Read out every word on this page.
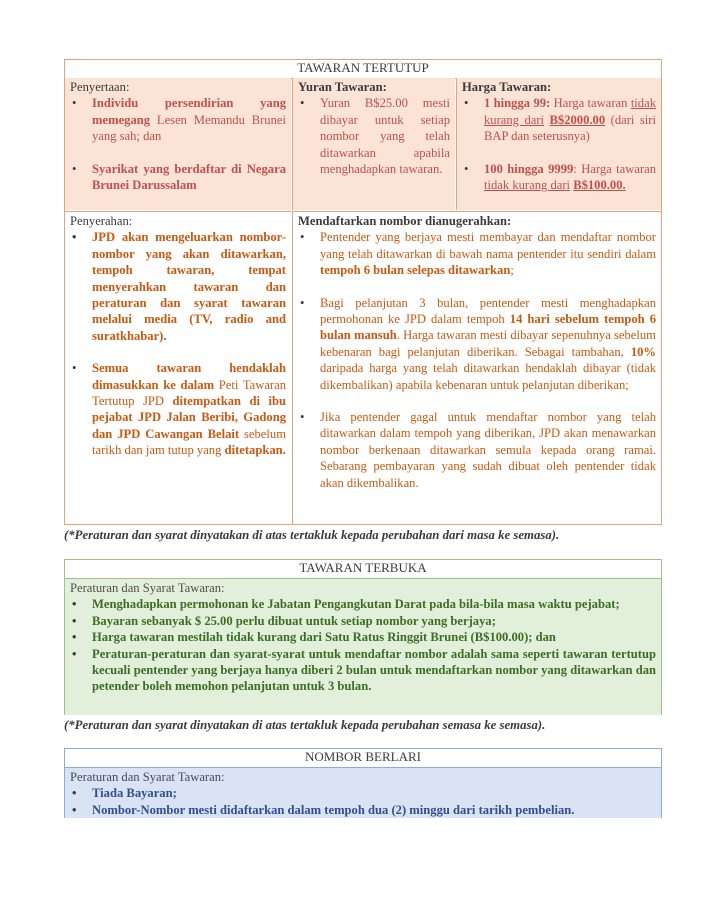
TAWARAN TERTUTUP
Penyertaan:
• Individu persendirian yang memegang Lesen Memandu Brunei yang sah; dan
• Syarikat yang berdaftar di Negara Brunei Darussalam
Yuran Tawaran:
• Yuran B$25.00 mesti dibayar untuk setiap nombor yang telah ditawarkan apabila menghadapkan tawaran.
Harga Tawaran:
• 1 hingga 99: Harga tawaran tidak kurang dari B$2000.00 (dari siri BAP dan seterusnya)
• 100 hingga 9999: Harga tawaran tidak kurang dari B$100.00.
Penyerahan:
• JPD akan mengeluarkan nombor-nombor yang akan ditawarkan, tempoh tawaran, tempat menyerahkan tawaran dan peraturan dan syarat tawaran melalui media (TV, radio and suratkhabar).
• Semua tawaran hendaklah dimasukkan ke dalam Peti Tawaran Tertutup JPD ditempatkan di ibu pejabat JPD Jalan Beribi, Gadong dan JPD Cawangan Belait sebelum tarikh dan jam tutup yang ditetapkan.
Mendaftarkan nombor dianugerahkan:
• Pentender yang berjaya mesti membayar dan mendaftar nombor yang telah ditawarkan di bawah nama pentender itu sendiri dalam tempoh 6 bulan selepas ditawarkan;
• Bagi pelanjutan 3 bulan, pentender mesti menghadapkan permohonan ke JPD dalam tempoh 14 hari sebelum tempoh 6 bulan mansuh. Harga tawaran mesti dibayar sepenuhnya sebelum kebenaran bagi pelanjutan diberikan. Sebagai tambahan, 10% daripada harga yang telah ditawarkan hendaklah dibayar (tidak dikembalikan) apabila kebenaran untuk pelanjutan diberikan;
• Jika pentender gagal untuk mendaftar nombor yang telah ditawarkan dalam tempoh yang diberikan, JPD akan menawarkan nombor berkenaan ditawarkan semula kepada orang ramai. Sebarang pembayaran yang sudah dibuat oleh pentender tidak akan dikembalikan.
(*Peraturan dan syarat dinyatakan di atas tertakluk kepada perubahan dari masa ke semasa).
TAWARAN TERBUKA
Peraturan dan Syarat Tawaran:
• Menghadapkan permohonan ke Jabatan Pengangkutan Darat pada bila-bila masa waktu pejabat;
• Bayaran sebanyak $ 25.00 perlu dibuat untuk setiap nombor yang berjaya;
• Harga tawaran mestilah tidak kurang dari Satu Ratus Ringgit Brunei (B$100.00); dan
• Peraturan-peraturan dan syarat-syarat untuk mendaftar nombor adalah sama seperti tawaran tertutup kecuali pentender yang berjaya hanya diberi 2 bulan untuk mendaftarkan nombor yang ditawarkan dan petender boleh memohon pelanjutan untuk 3 bulan.
(*Peraturan dan syarat dinyatakan di atas tertakluk kepada perubahan semasa ke semasa).
NOMBOR BERLARI
Peraturan dan Syarat Tawaran:
• Tiada Bayaran;
• Nombor-Nombor mesti didaftarkan dalam tempoh dua (2) minggu dari tarikh pembelian.
